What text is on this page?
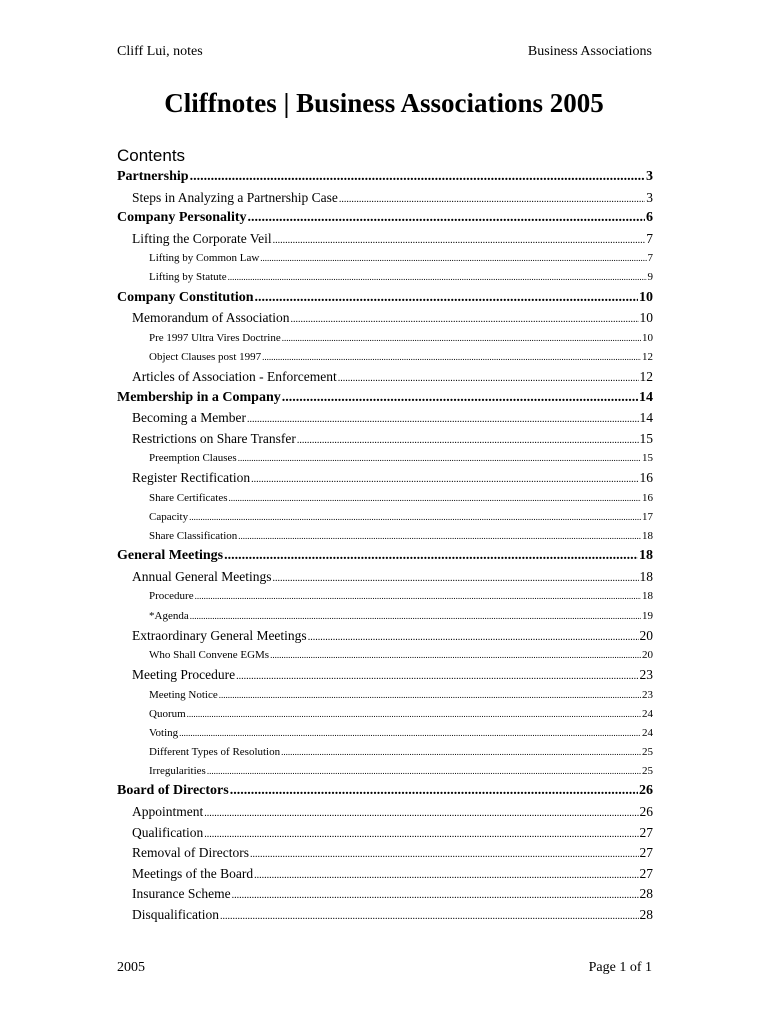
Cliff Lui, notes	Business Associations
Cliffnotes | Business Associations 2005
Contents
Partnership .....	3
Steps in Analyzing a Partnership Case .....	3
Company Personality .....	6
Lifting the Corporate Veil .....	7
Lifting by Common Law .....	7
Lifting by Statute .....	9
Company Constitution .....	10
Memorandum of Association .....	10
Pre 1997 Ultra Vires Doctrine .....	10
Object Clauses post 1997 .....	12
Articles of Association - Enforcement .....	12
Membership in a Company .....	14
Becoming a Member .....	14
Restrictions on Share Transfer .....	15
Preemption Clauses .....	15
Register Rectification .....	16
Share Certificates .....	16
Capacity .....	17
Share Classification .....	18
General Meetings .....	18
Annual General Meetings .....	18
Procedure .....	18
*Agenda .....	19
Extraordinary General Meetings .....	20
Who Shall Convene EGMs .....	20
Meeting Procedure .....	23
Meeting Notice .....	23
Quorum .....	24
Voting .....	24
Different Types of Resolution .....	25
Irregularities .....	25
Board of Directors .....	26
Appointment .....	26
Qualification .....	27
Removal of Directors .....	27
Meetings of the Board .....	27
Insurance Scheme .....	28
Disqualification .....	28
2005	Page 1 of 1
